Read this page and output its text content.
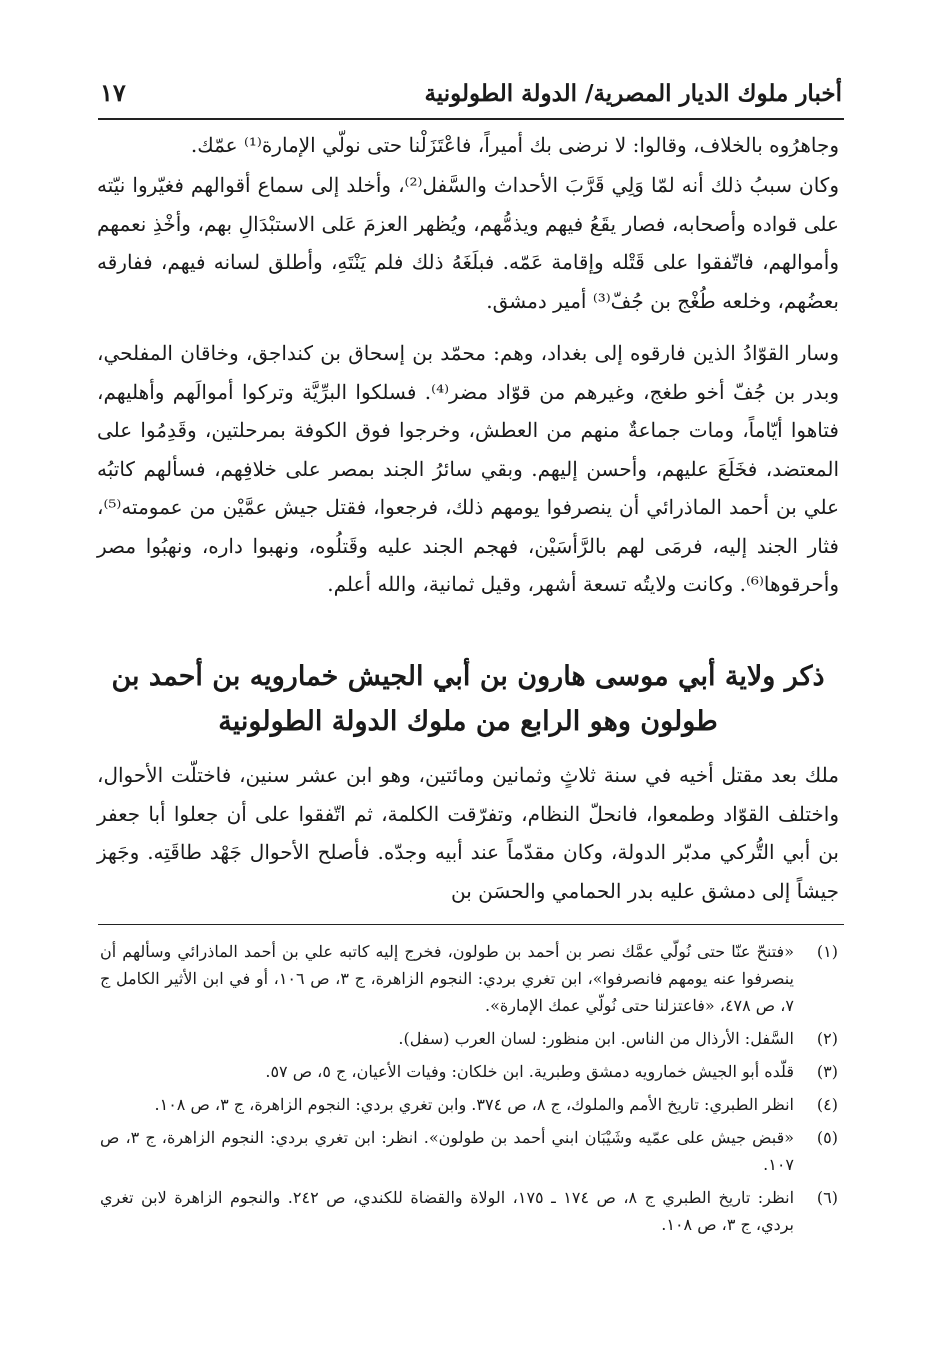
أخبار ملوك الديار المصرية/ الدولة الطولونية
١٧

وجاهرُوه بالخلاف، وقالوا: لا نرضى بك أميراً، فاعْتَزَلْنا حتى نولّي الإمارة⁽¹⁾ عمّك.

وكان سببُ ذلك أنه لمّا وَلِي قَرَّبَ الأحداث والسَّفل⁽²⁾، وأخلد إلى سماع أقوالهم فغيّروا نيّته على قواده وأصحابه، فصار يقَعُ فيهم ويذمُّهم، ويُظهر العزمَ عَلى الاستبْدَالِ بهم، وأخْذِ نعمهم وأموالهم، فاتّفقوا على قَتْله وإقامة عَمّه. فبلَغَهُ ذلك فلم يَنْتَهِ، وأطلق لسانه فيهم، ففارقه بعضُهم، وخلعه طُغْج بن جُفّ⁽³⁾ أمير دمشق.

وسار القوّادُ الذين فارقوه إلى بغداد، وهم: محمّد بن إسحاق بن كنداجق، وخاقان المفلحي، وبدر بن جُفّ أخو طغج، وغيرهم من قوّاد مضر⁽⁴⁾. فسلكوا البرِّيَّة وتركوا أموالَهم وأهليهم، فتاهوا أيّاماً، ومات جماعةٌ منهم من العطش، وخرجوا فوق الكوفة بمرحلتين، وقَدِمُوا على المعتضد، فخَلَعَ عليهم، وأحسن إليهم. وبقي سائرُ الجند بمصر على خلافِهم، فسألهم كاتبُه علي بن أحمد الماذرائي أن ينصرفوا يومهم ذلك، فرجعوا، فقتل جيش عمَّيْن من عمومته⁽⁵⁾، فثار الجند إليه، فرمَى لهم بالرَّأسَيْن، فهجم الجند عليه وقَتلُوه، ونهبوا داره، ونهبُوا مصر وأحرقوها⁽⁶⁾. وكانت ولايتُه تسعة أشهر، وقيل ثمانية، والله أعلم.

ذكر ولاية أبي موسى هارون بن أبي الجيش خمارويه بن أحمد بن
طولون وهو الرابع من ملوك الدولة الطولونية

ملك بعد مقتل أخيه في سنة ثلاثٍ وثمانين ومائتين، وهو ابن عشر سنين، فاختلّت الأحوال، واختلف القوّاد وطمعوا، فانحلّ النظام، وتفرّقت الكلمة، ثم اتّفقوا على أن جعلوا أبا جعفر بن أبي التُّركي مدبّر الدولة، وكان مقدّماً عند أبيه وجدّه. فأصلح الأحوال جَهْد طاقَتِه. وجَهز جيشاً إلى دمشق عليه بدر الحمامي والحسَن بن

(١)
«فتنحّ عنّا حتى نُولّي عمَّك نصر بن أحمد بن طولون، فخرج إليه كاتبه علي بن أحمد الماذرائي وسألهم أن ينصرفوا عنه يومهم فانصرفوا»، ابن تغري بردي: النجوم الزاهرة، ج ٣، ص ١٠٦، أو في ابن الأثير الكامل ج ٧، ص ٤٧٨، «فاعتزلنا حتى نُولّي عمك الإمارة».
(٢)
السَّفل: الأرذال من الناس. ابن منظور: لسان العرب (سفل).
(٣)
قلّده أبو الجيش خمارويه دمشق وطبرية. ابن خلكان: وفيات الأعيان، ج ٥، ص ٥٧.
(٤)
انظر الطبري: تاريخ الأمم والملوك، ج ٨، ص ٣٧٤. وابن تغري بردي: النجوم الزاهرة، ج ٣، ص ١٠٨.
(٥)
«قبض جيش على عمّيه وشَيْبَان ابني أحمد بن طولون». انظر: ابن تغري بردي: النجوم الزاهرة، ج ٣، ص ١٠٧.
(٦)
انظر: تاريخ الطبري ج ٨، ص ١٧٤ ـ ١٧٥، الولاة والقضاة للكندي، ص ٢٤٢. والنجوم الزاهرة لابن تغري بردي، ج ٣، ص ١٠٨.
